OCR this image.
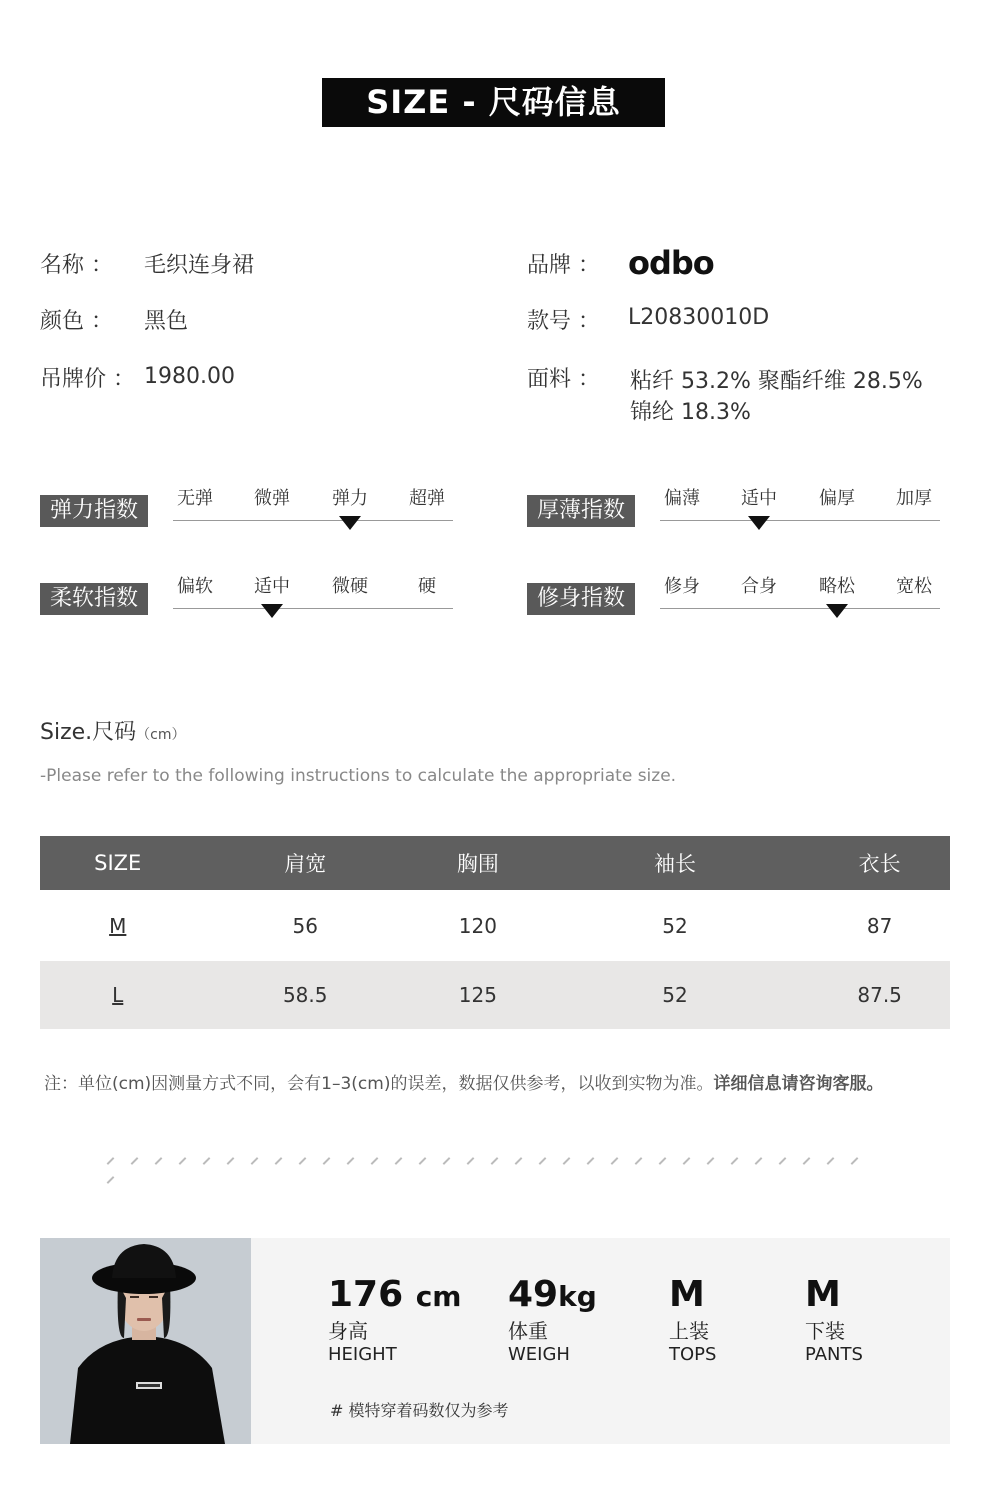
SIZE - 尺码信息
名称 ： 毛织连身裙
颜色 ： 黑色
吊牌价 ： 1980.00
品牌 ： odbo
款号 ： L20830010D
面料 ： 粘纤 53.2% 聚酯纤维 28.5%
锦纶 18.3%
弹力指数	无弹	微弹	弹力	超弹	厚薄指数	偏薄	适中	偏厚	加厚
柔软指数	偏软	适中	微硬	硬	修身指数	修身	合身	略松	宽松
Size.尺码（cm）
-Please refer to the following instructions to calculate the appropriate size.
SIZE	肩宽	胸围	袖长	衣长
M	56	120	52	87
L	58.5	125	52	87.5
注：单位(cm)因测量方式不同，会有1–3(cm)的误差，数据仅供参考，以收到实物为准。详细信息请咨询客服。
176 cm
身高
HEIGHT
49kg
体重
WEIGH
M
上装
TOPS
M
下装
PANTS
# 模特穿着码数仅为参考
